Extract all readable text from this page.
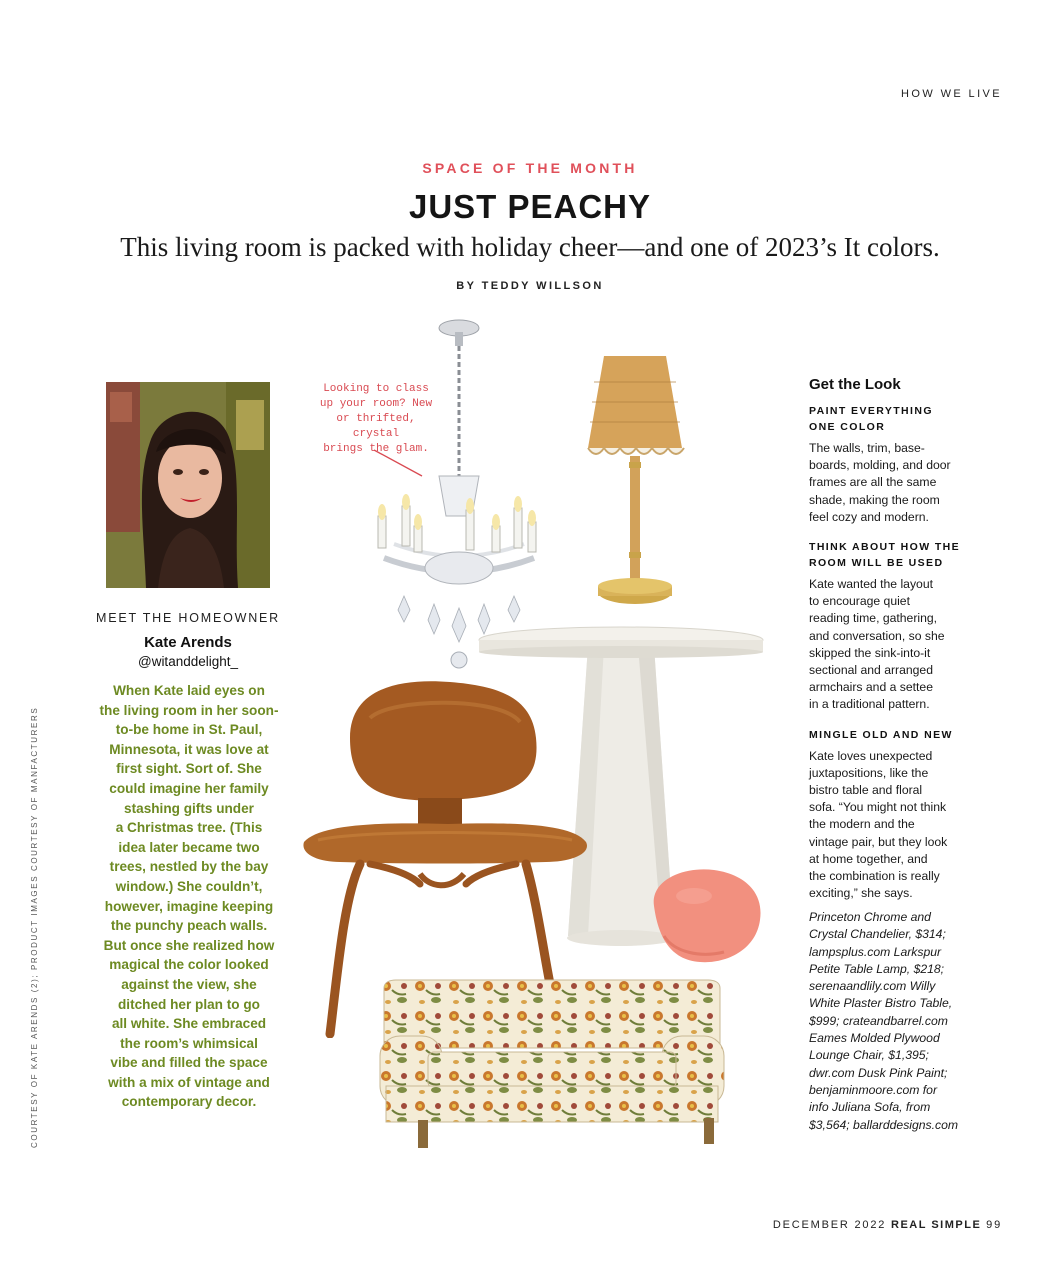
HOW WE LIVE
SPACE OF THE MONTH
JUST PEACHY
This living room is packed with holiday cheer—and one of 2023’s It colors.
BY TEDDY WILLSON
COURTESY OF KATE ARENDS (2); PRODUCT IMAGES COURTESY OF MANFACTURERS
MEET THE HOMEOWNER
Kate Arends
@witanddelight_
When Kate laid eyes on
the living room in her soon-
to-be home in St. Paul,
Minnesota, it was love at
first sight. Sort of. She
could imagine her family
stashing gifts under
a Christmas tree. (This
idea later became two
trees, nestled by the bay
window.) She couldn’t,
however, imagine keeping
the punchy peach walls.
But once she realized how
magical the color looked
against the view, she
ditched her plan to go
all white. She embraced
the room’s whimsical
vibe and filled the space
with a mix of vintage and
contemporary decor.
Looking to class
up your room? New
or thrifted, crystal
brings the glam.
Get the Look
PAINT EVERYTHING
ONE COLOR
The walls, trim, base-
boards, molding, and door
frames are all the same
shade, making the room
feel cozy and modern.
THINK ABOUT HOW THE
ROOM WILL BE USED
Kate wanted the layout
to encourage quiet
reading time, gathering,
and conversation, so she
skipped the sink-into-it
sectional and arranged
armchairs and a settee
in a traditional pattern.
MINGLE OLD AND NEW
Kate loves unexpected
juxtapositions, like the
bistro table and floral
sofa. “You might not think
the modern and the
vintage pair, but they look
at home together, and
the combination is really
exciting,” she says.
Princeton Chrome and
Crystal Chandelier, $314;
lampsplus.com Larkspur
Petite Table Lamp, $218;
serenaandlily.com Willy
White Plaster Bistro Table,
$999; crateandbarrel.com
Eames Molded Plywood
Lounge Chair, $1,395;
dwr.com Dusk Pink Paint;
benjaminmoore.com for
info Juliana Sofa, from
$3,564; ballarddesigns.com
DECEMBER 2022 REAL SIMPLE 99
